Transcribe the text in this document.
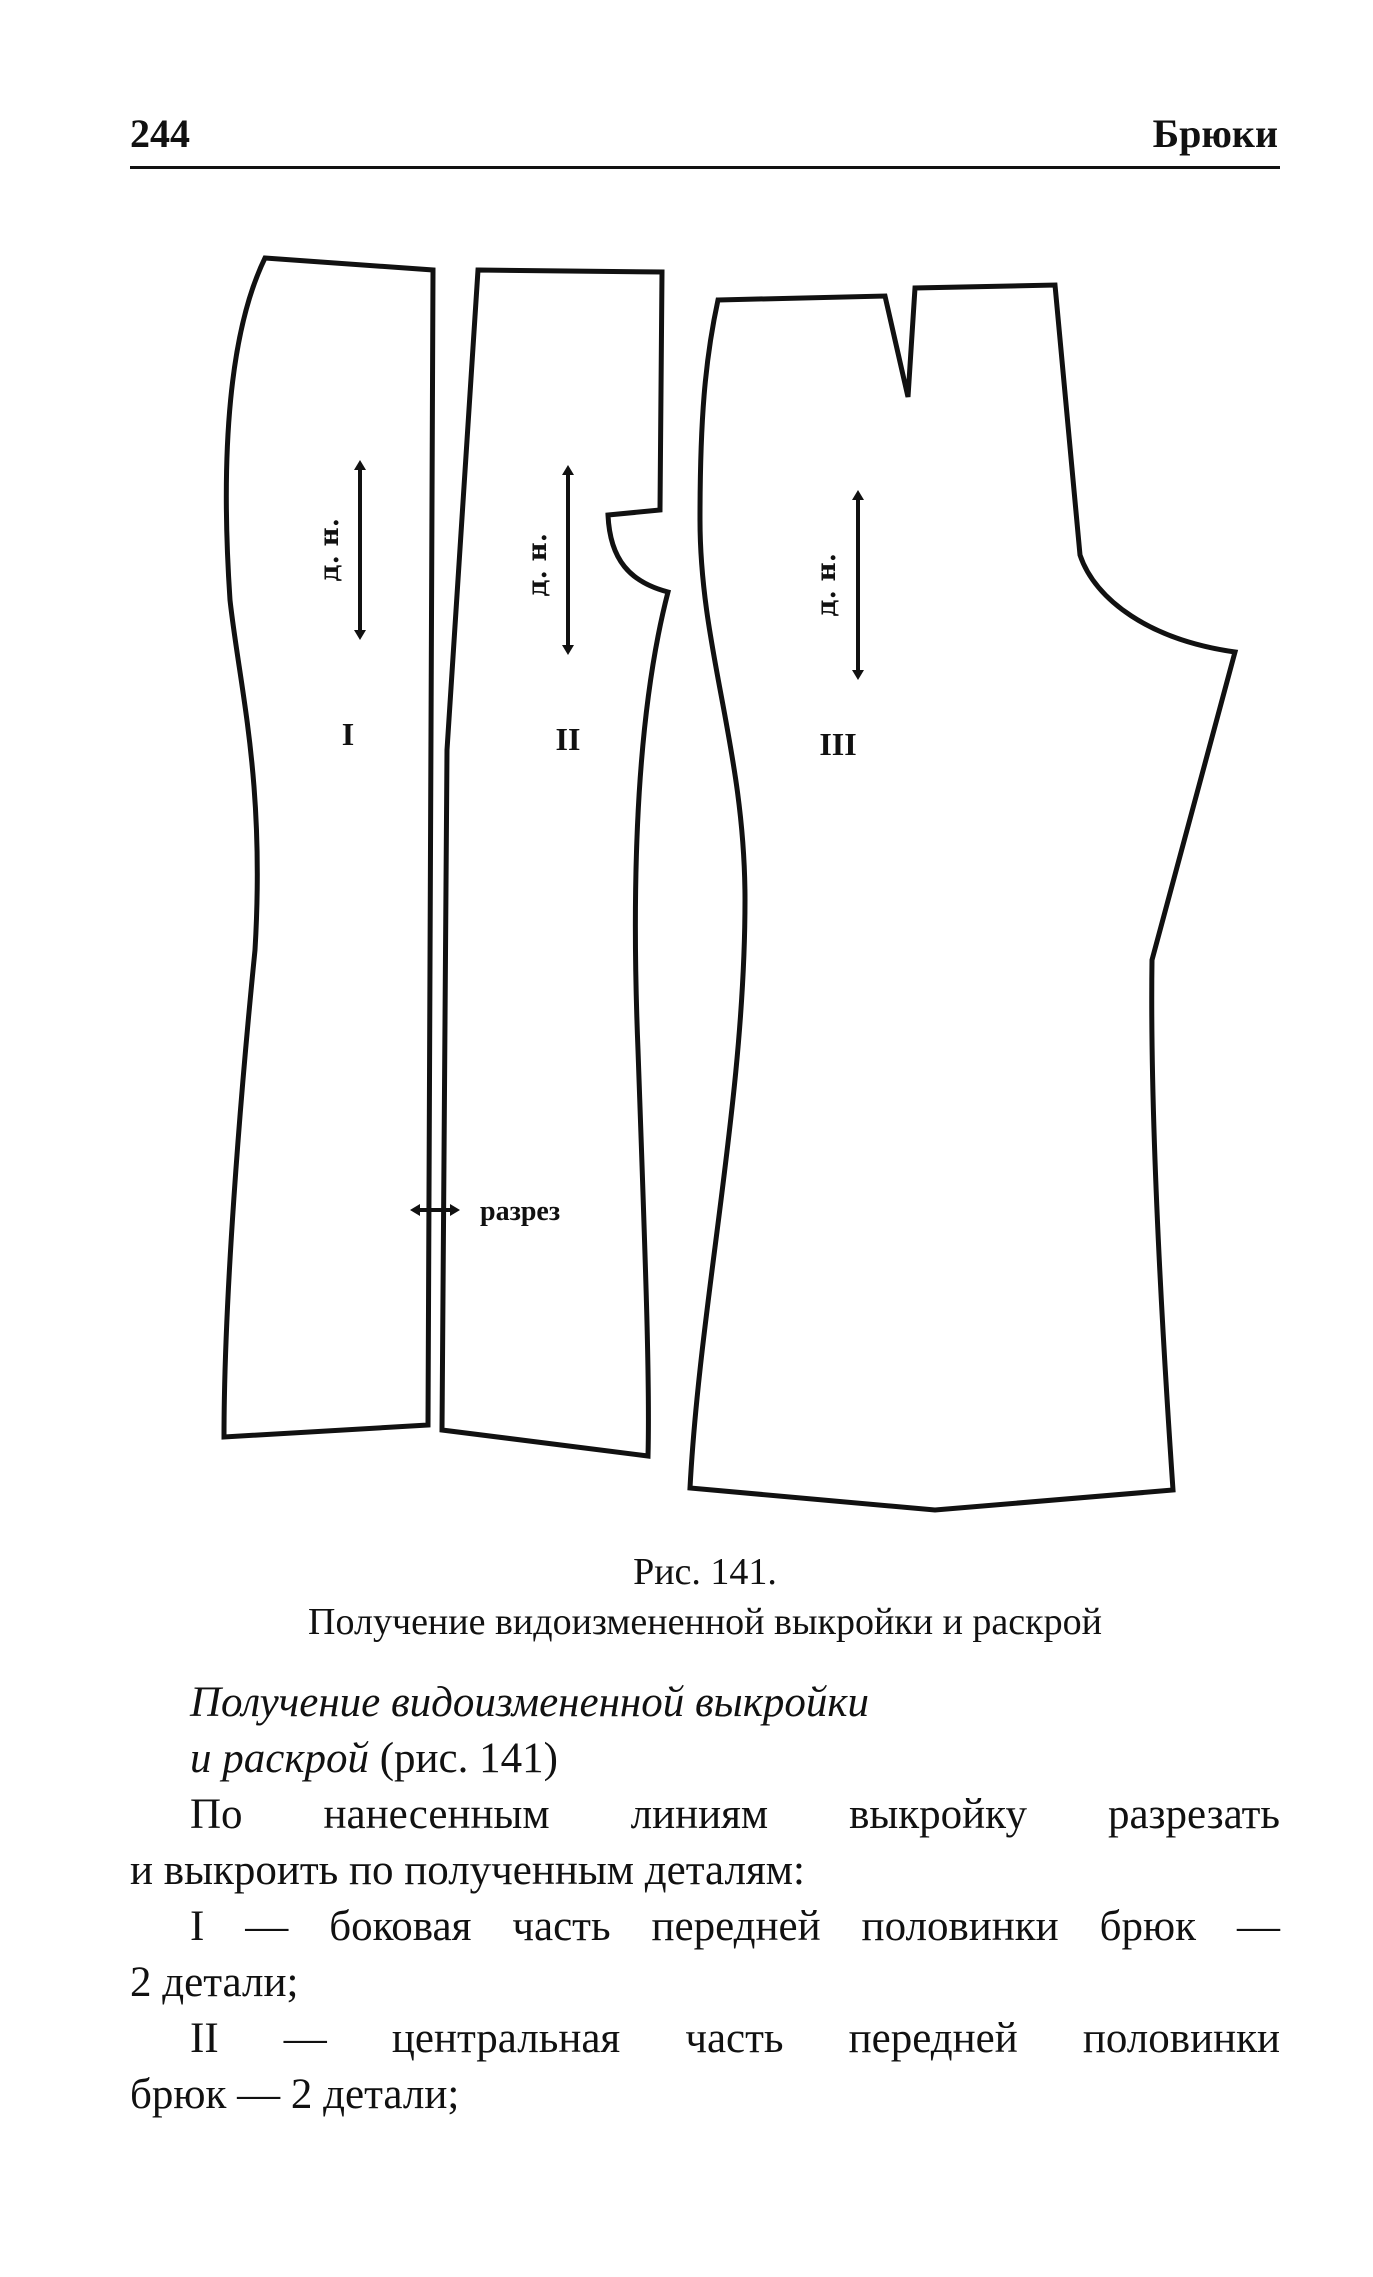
244	Брюки
д. н.
I
д. н.
II
разрез
д. н.
III
Рис. 141.
Получение видоизмененной выкройки и раскрой

Получение видоизмененной выкройки

и раскрой (рис. 141)

По нанесенным линиям выкройку разрезать

и выкроить по полученным деталям:

I — боковая часть передней половинки брюк —

2 детали;

II — центральная часть передней половинки

брюк — 2 детали;
